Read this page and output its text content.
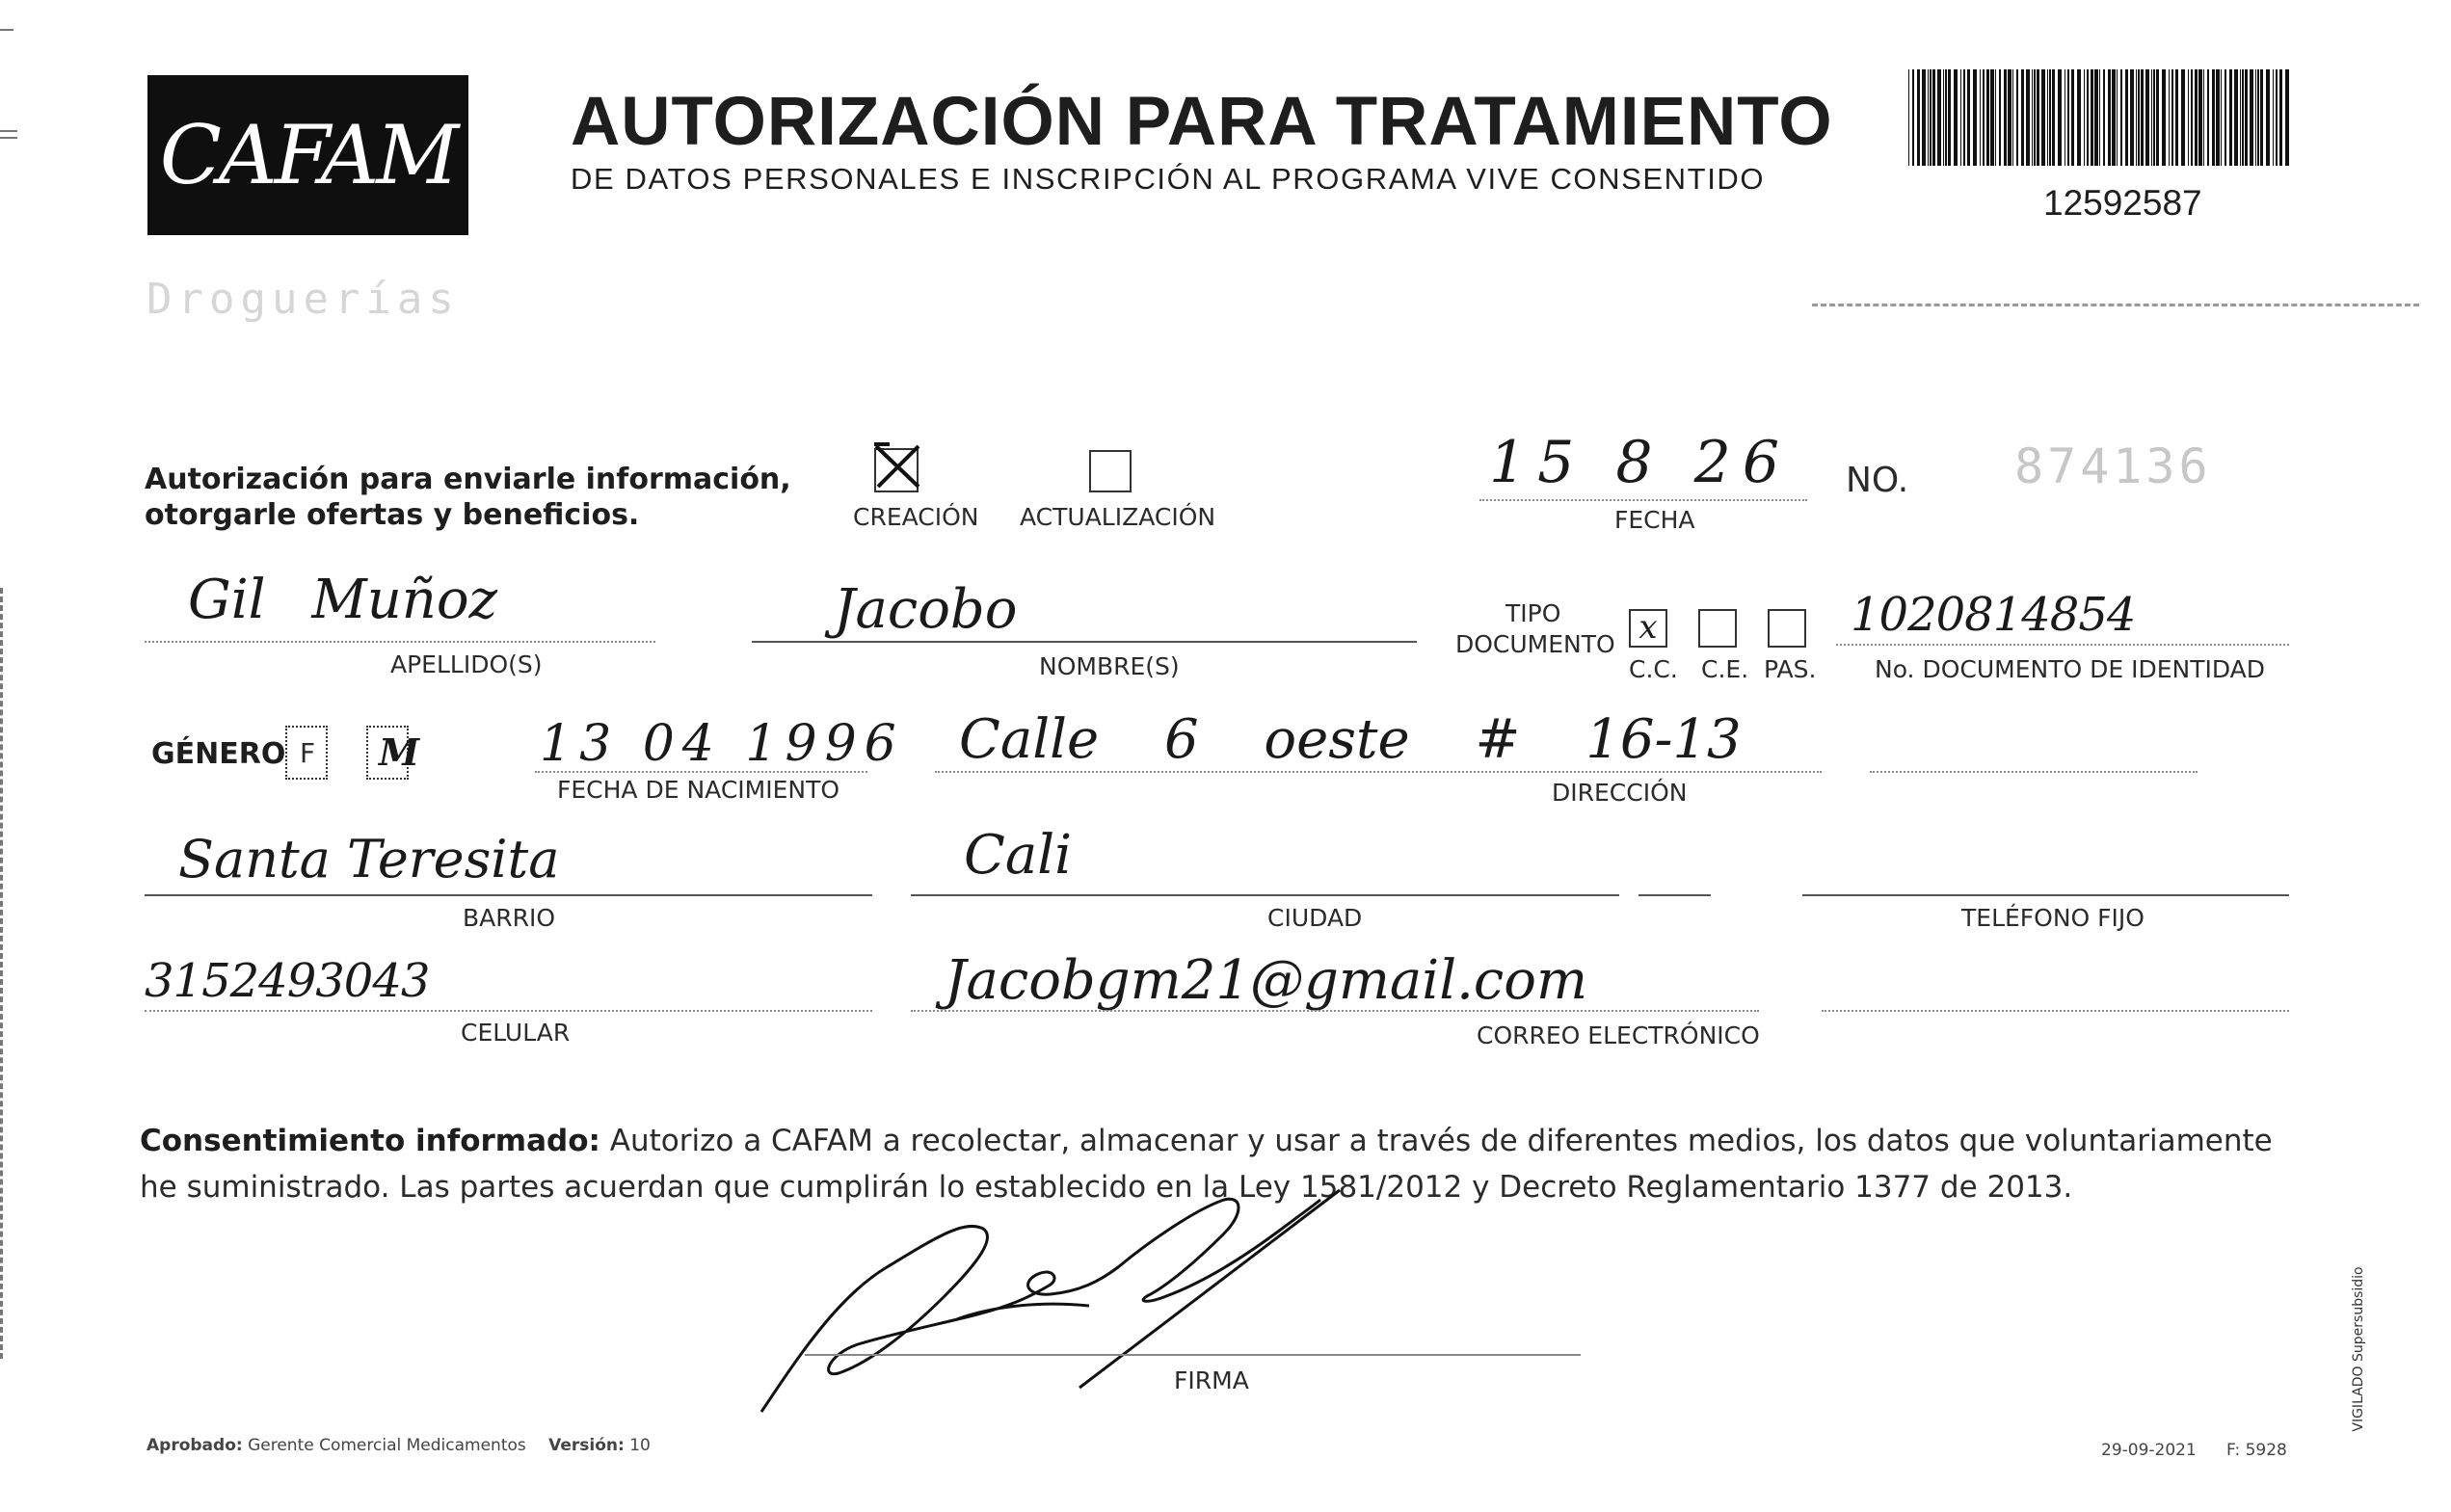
CAFAM
Droguerías
AUTORIZACIÓN PARA TRATAMIENTO
DE DATOS PERSONALES E INSCRIPCIÓN AL PROGRAMA VIVE CONSENTIDO
12592587
Autorización para enviarle información,
otorgarle ofertas y beneficios.	CREACIÓN ACTUALIZACIÓN
15 8 26
FECHA
NO. 874136
Gil Muñoz
APELLIDO(S)
Jacobo
NOMBRE(S)
TIPO
DOCUMENTO x
C.C. C.E. PAS.
1020814854
No. DOCUMENTO DE IDENTIDAD
GÉNERO F M 13 04 1996
FECHA DE NACIMIENTO
Calle 6 oeste # 16-13
DIRECCIÓN
Santa Teresita
BARRIO
Cali
CIUDAD	TELÉFONO FIJO
3152493043
CELULAR
Jacobgm21@gmail.com
CORREO ELECTRÓNICO
Consentimiento informado: Autorizo a CAFAM a recolectar, almacenar y usar a través de diferentes medios, los datos que voluntariamente he suministrado. Las partes acuerdan que cumplirán lo establecido en la Ley 1581/2012 y Decreto Reglamentario 1377 de 2013.
FIRMA
Aprobado: Gerente Comercial Medicamentos Versión: 10	29-09-2021 F: 5928
VIGILADO Supersubsidio
